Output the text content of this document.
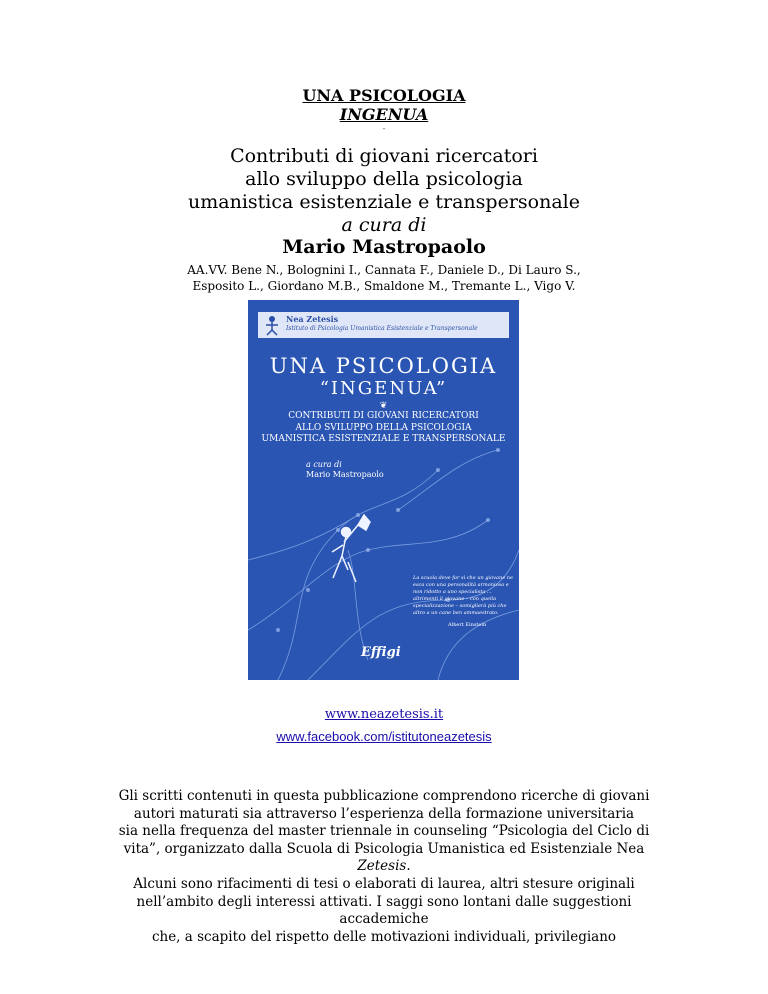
UNA PSICOLOGIA
INGENUA
-
Contributi di giovani ricercatori
allo sviluppo della psicologia
umanistica esistenziale e transpersonale
a cura di
Mario Mastropaolo
AA.VV. Bene N., Bolognini I., Cannata F., Daniele D., Di Lauro S.,
Esposito L., Giordano M.B., Smaldone M., Tremante L., Vigo V.
Nea Zetesis
Istituto di Psicologia Umanistica Esistenziale e Transpersonale
UNA PSICOLOGIA
“INGENUA”
❦
CONTRIBUTI DI GIOVANI RICERCATORI
ALLO SVILUPPO DELLA PSICOLOGIA
UMANISTICA ESISTENZIALE E TRANSPERSONALE
a cura di
Mario Mastropaolo
La scuola deve far sì che un giovane ne esca con una personalità armoniosa e non ridotto a uno specialista ... altrimenti il giovane – con quella specializzazione – somiglierà più che altro a un cane ben ammaestrato.
Albert Einstein
Effigi
www.neazetesis.it
www.facebook.com/istitutoneazetesis
Gli scritti contenuti in questa pubblicazione comprendono ricerche di giovani
autori maturati sia attraverso l’esperienza della formazione universitaria
sia nella frequenza del master triennale in counseling “Psicologia del Ciclo di
vita”, organizzato dalla Scuola di Psicologia Umanistica ed Esistenziale Nea
Zetesis.
Alcuni sono rifacimenti di tesi o elaborati di laurea, altri stesure originali
nell’ambito degli interessi attivati. I saggi sono lontani dalle suggestioni accademiche
che, a scapito del rispetto delle motivazioni individuali, privilegiano
